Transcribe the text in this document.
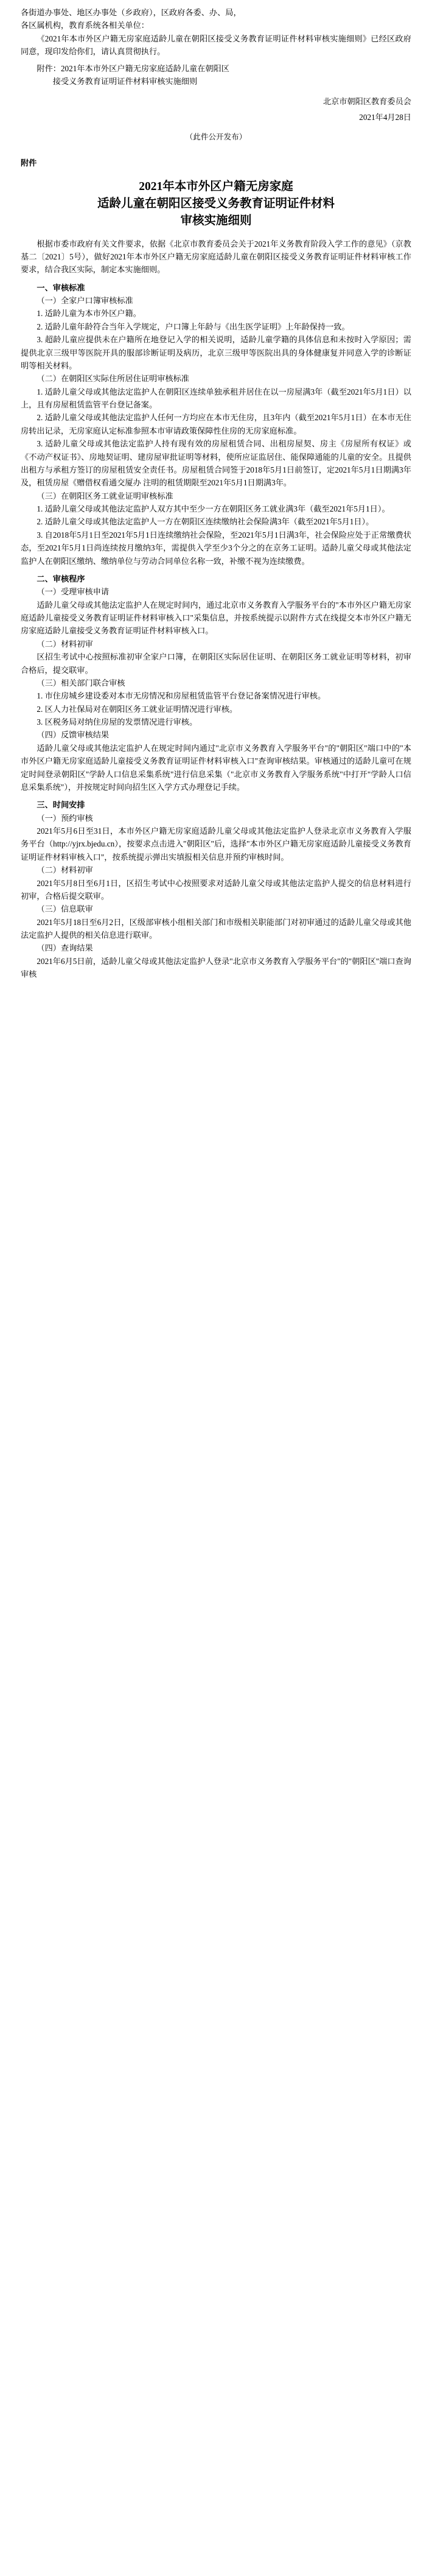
各街道办事处、地区办事处（乡政府），区政府各委、办、局，

各区属机构，教育系统各相关单位：

《2021年本市外区户籍无房家庭适龄儿童在朝阳区接受义务教育证明证件材料审核实施细则》已经区政府同意，现印发给你们，请认真贯彻执行。

附件：2021年本市外区户籍无房家庭适龄儿童在朝阳区

接受义务教育证明证件材料审核实施细则

北京市朝阳区教育委员会

2021年4月28日

（此件公开发布）

附件

2021年本市外区户籍无房家庭
适龄儿童在朝阳区接受义务教育证明证件材料
审核实施细则

根据市委市政府有关文件要求，依据《北京市教育委员会关于2021年义务教育阶段入学工作的意见》（京教基二〔2021〕5号），做好2021年本市外区户籍无房家庭适龄儿童在朝阳区接受义务教育证明证件材料审核工作要求，结合我区实际，制定本实施细则。

一、审核标准

（一）全家户口簿审核标准

1. 适龄儿童为本市外区户籍。

2. 适龄儿童年龄符合当年入学规定，户口簿上年龄与《出生医学证明》上年龄保持一致。

3. 超龄儿童应提供未在户籍所在地登记入学的相关说明，适龄儿童学籍的具体信息和未按时入学原因；需提供北京三级甲等医院开具的服部诊断证明及病历，北京三级甲等医院出具的身体健康复并同意入学的诊断证明等相关材料。

（二）在朝阳区实际住所居住证明审核标准

1. 适龄儿童父母或其他法定监护人在朝阳区连续单独承租并居住在以一房屋满3年（截至2021年5月1日）以上，且有房屋租赁监管平台登记备案。

2. 适龄儿童父母或其他法定监护人任何一方均应在本市无住房，且3年内（截至2021年5月1日）在本市无住房转出记录，无房家庭认定标准参照本市审请政策保障性住房的无房家庭标准。

3. 适龄儿童父母或其他法定监护人持有现有效的房屋租赁合同、出租房屋契、房主《房屋所有权证》或《不动产权证书》、房地契证明、建房屋审批证明等材料，使所应证监居住、能保障通能的儿童的安全。且提供出租方与承租方签订的房屋租赁安全责任书。房屋租赁合同签于2018年5月1日前签订，定2021年5月1日期满3年及，租赁房屋《赠借权看通交厦办 注明的租赁期限至2021年5月1日期满3年。

（三）在朝阳区务工就业证明审核标准

1. 适龄儿童父母或其他法定监护人双方其中至少一方在朝阳区务工就业满3年（截至2021年5月1日）。

2. 适龄儿童父母或其他法定监护人一方在朝阳区连续缴纳社会保险满3年（截至2021年5月1日）。

3. 自2018年5月1日至2021年5月1日连续缴纳社会保险，至2021年5月1日满3年，社会保险应处于正常缴费状态，至2021年5月1日尚连续按月缴纳3年，需提供入学至少3个分之的在京务工证明。适龄儿童父母或其他法定监护人在朝阳区缴纳、缴纳单位与劳动合同单位名称一致，补缴不视为连续缴费。

二、审核程序

（一）受理审核申请

适龄儿童父母或其他法定监护人在规定时间内，通过北京市义务教育入学服务平台的"本市外区户籍无房家庭适龄儿童接受义务教育证明证件材料审核入口"采集信息，并按系统提示以附件方式在线提交本市外区户籍无房家庭适龄儿童接受义务教育证明证件材料审核入口。

（二）材料初审

区招生考试中心按照标准初审全家户口簿，在朝阳区实际居住证明、在朝阳区务工就业证明等材料，初审合格后，提交联审。

（三）相关部门联合审核

1. 市住房城乡建设委对本市无房情况和房屋租赁监管平台登记备案情况进行审核。

2. 区人力社保局对在朝阳区务工就业证明情况进行审核。

3. 区税务局对纳住房屋的发票情况进行审核。

（四）反馈审核结果

适龄儿童父母或其他法定监护人在规定时间内通过"北京市义务教育入学服务平台"的"朝阳区"端口中的"本市外区户籍无房家庭适龄儿童接受义务教育证明证件材料审核入口"查询审核结果。审核通过的适龄儿童可在规定时间登录朝阳区"学龄人口信息采集系统"进行信息采集（"北京市义务教育入学服务系统"中打开"学龄人口信息采集系统"），并按规定时间向招生区入学方式办理登记手续。

三、时间安排

（一）预约审核

2021年5月6日至31日，本市外区户籍无房家庭适龄儿童父母或其他法定监护人登录北京市义务教育入学服务平台（http://yjrx.bjedu.cn），按要求点击进入"朝阳区"后，选择"本市外区户籍无房家庭适龄儿童接受义务教育证明证件材料审核入口"，按系统提示弹出实填报相关信息并预约审核时间。

（二）材料初审

2021年5月8日至6月1日，区招生考试中心按照要求对适龄儿童父母或其他法定监护人提交的信息材料进行初审，合格后提交联审。

（三）信息联审

2021年5月18日至6月2日，区级部审核小组相关部门和市级相关职能部门对初审通过的适龄儿童父母或其他法定监护人提供的相关信息进行联审。

（四）查询结果

2021年6月5日前，适龄儿童父母或其他法定监护人登录"北京市义务教育入学服务平台"的"朝阳区"端口查询审核
